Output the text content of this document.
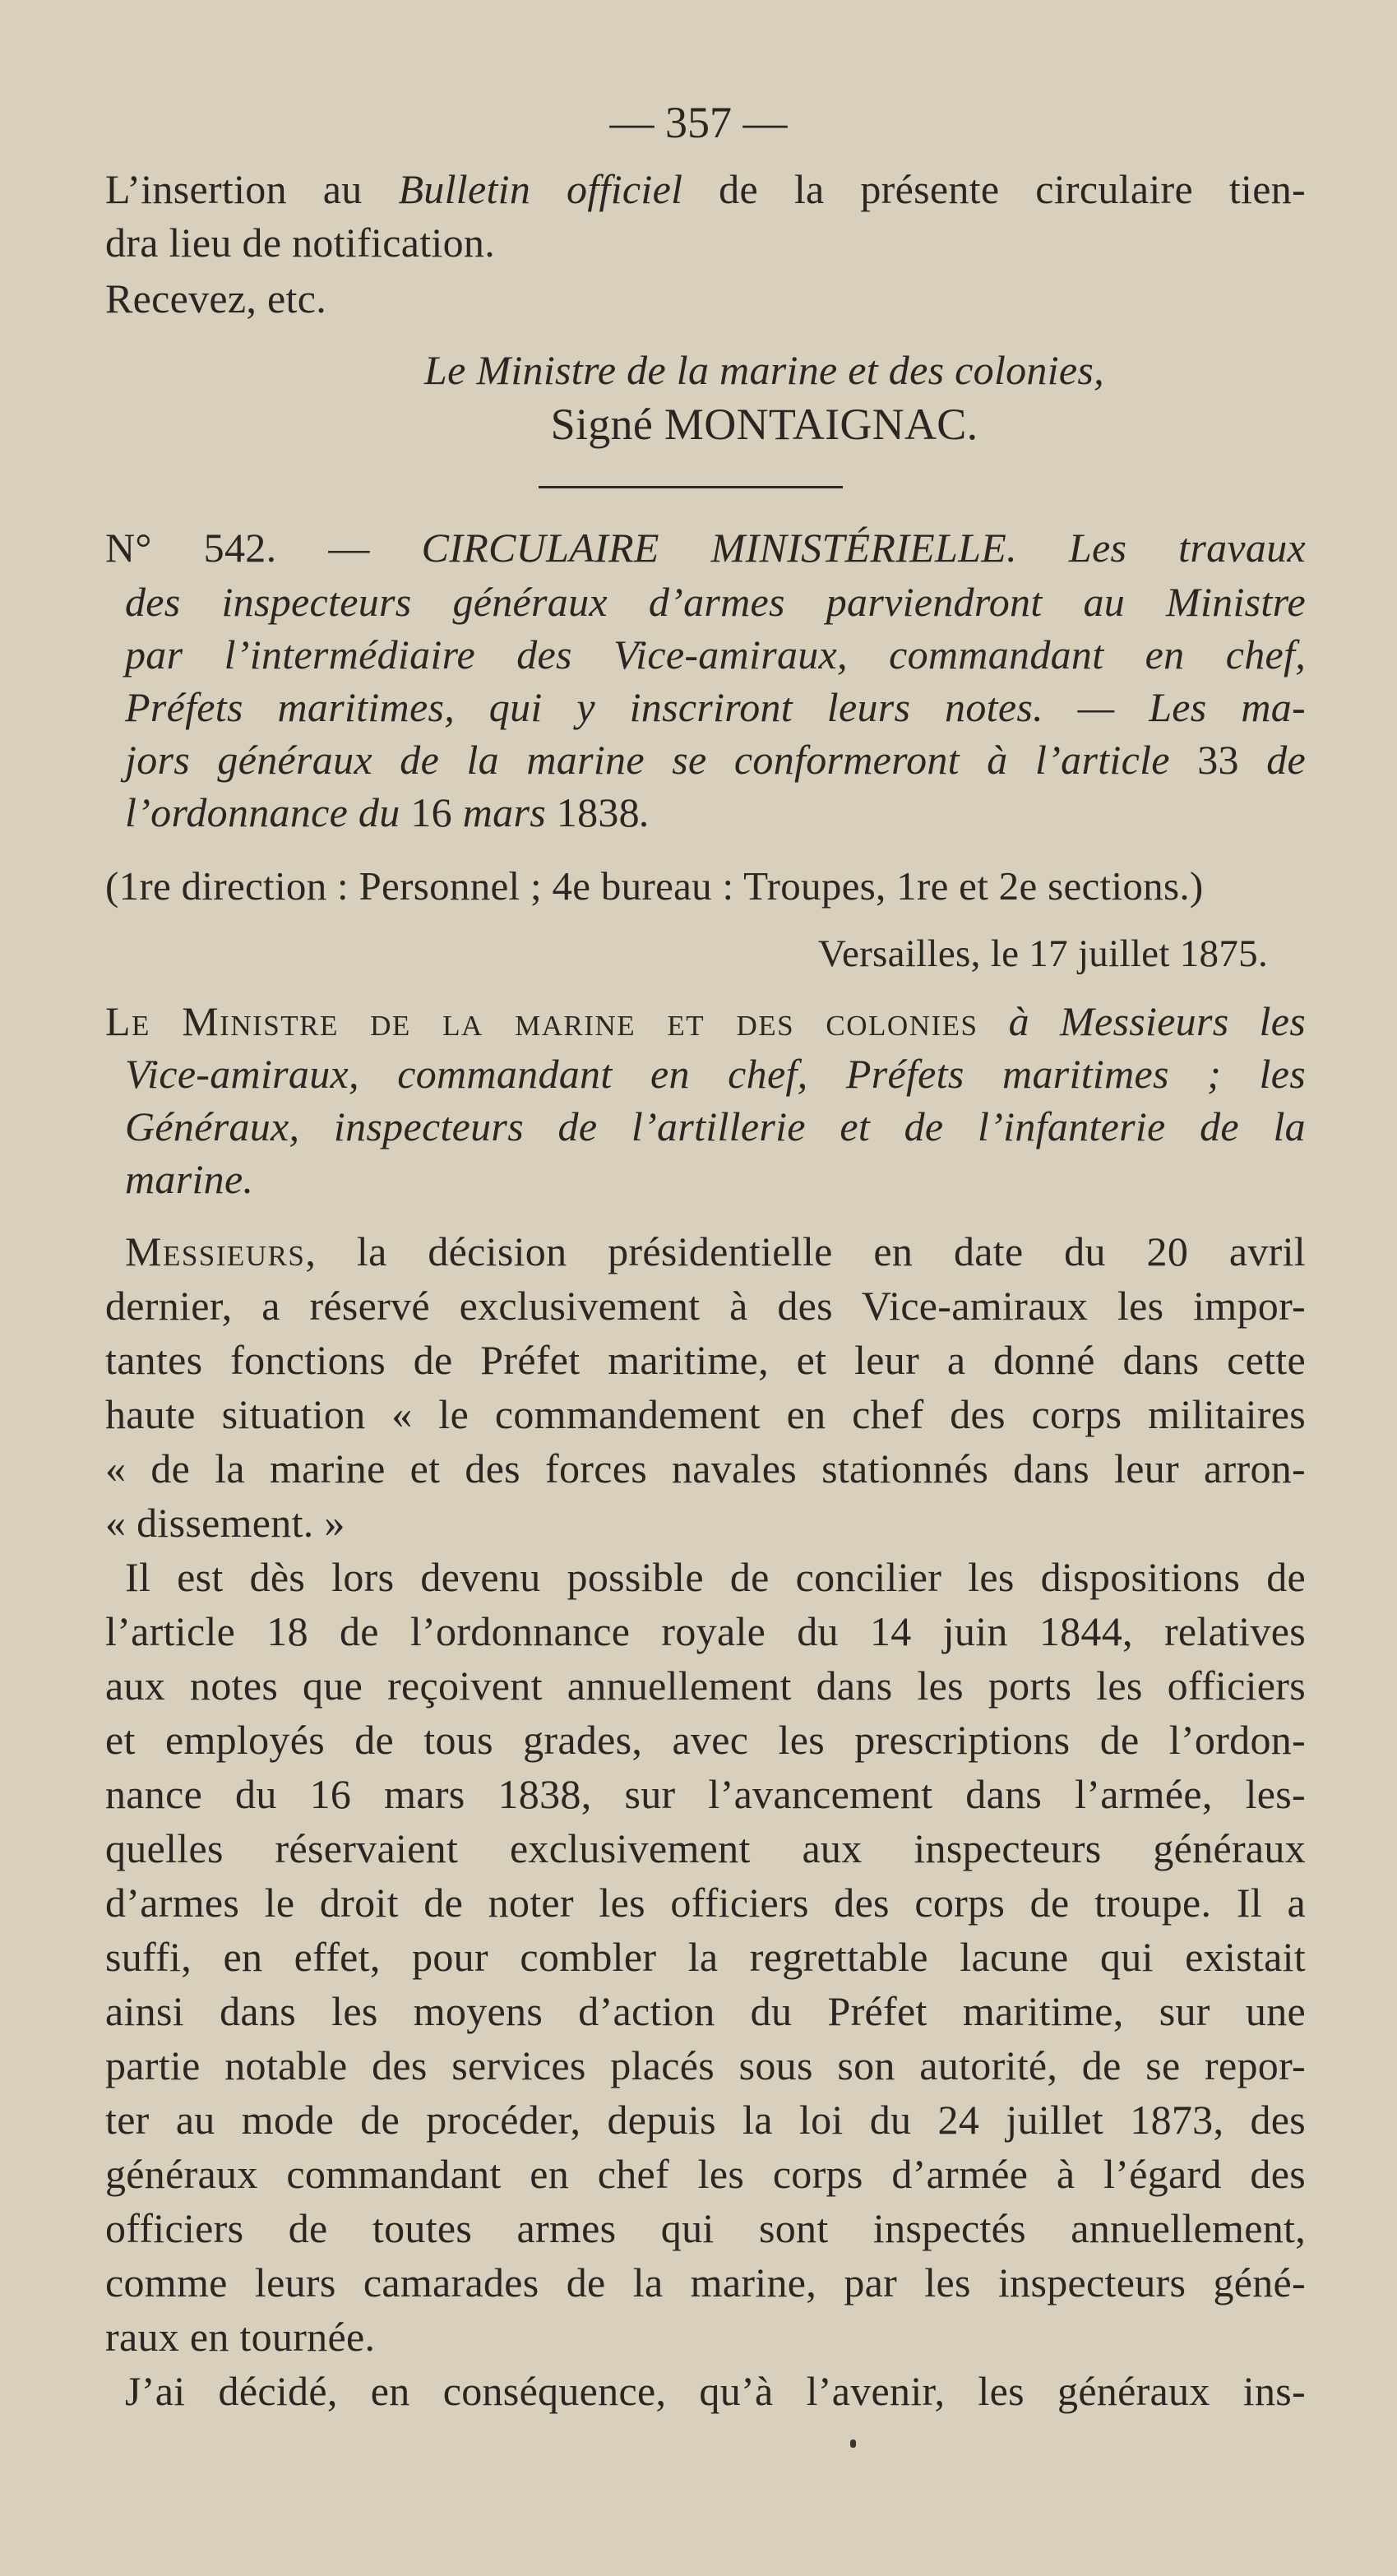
— 357 —
L’insertion au Bulletin officiel de la présente circulaire tien-
dra lieu de notification.
Recevez, etc.
Le Ministre de la marine et des colonies,
Signé MONTAIGNAC.
N° 542. — CIRCULAIRE MINISTÉRIELLE. Les travaux
des inspecteurs généraux d’armes parviendront au Ministre
par l’intermédiaire des Vice-amiraux, commandant en chef,
Préfets maritimes, qui y inscriront leurs notes. — Les ma-
jors généraux de la marine se conformeront à l’article 33 de
l’ordonnance du 16 mars 1838.
(1re direction : Personnel ; 4e bureau : Troupes, 1re et 2e sections.)
Versailles, le 17 juillet 1875.
Le Ministre de la marine et des colonies à Messieurs les
Vice-amiraux, commandant en chef, Préfets maritimes ; les
Généraux, inspecteurs de l’artillerie et de l’infanterie de la
marine.
Messieurs, la décision présidentielle en date du 20 avril
dernier, a réservé exclusivement à des Vice-amiraux les impor-
tantes fonctions de Préfet maritime, et leur a donné dans cette
haute situation « le commandement en chef des corps militaires
« de la marine et des forces navales stationnés dans leur arron-
« dissement. »
Il est dès lors devenu possible de concilier les dispositions de
l’article 18 de l’ordonnance royale du 14 juin 1844, relatives
aux notes que reçoivent annuellement dans les ports les officiers
et employés de tous grades, avec les prescriptions de l’ordon-
nance du 16 mars 1838, sur l’avancement dans l’armée, les-
quelles réservaient exclusivement aux inspecteurs généraux
d’armes le droit de noter les officiers des corps de troupe. Il a
suffi, en effet, pour combler la regrettable lacune qui existait
ainsi dans les moyens d’action du Préfet maritime, sur une
partie notable des services placés sous son autorité, de se repor-
ter au mode de procéder, depuis la loi du 24 juillet 1873, des
généraux commandant en chef les corps d’armée à l’égard des
officiers de toutes armes qui sont inspectés annuellement,
comme leurs camarades de la marine, par les inspecteurs géné-
raux en tournée.
J’ai décidé, en conséquence, qu’à l’avenir, les généraux ins-
